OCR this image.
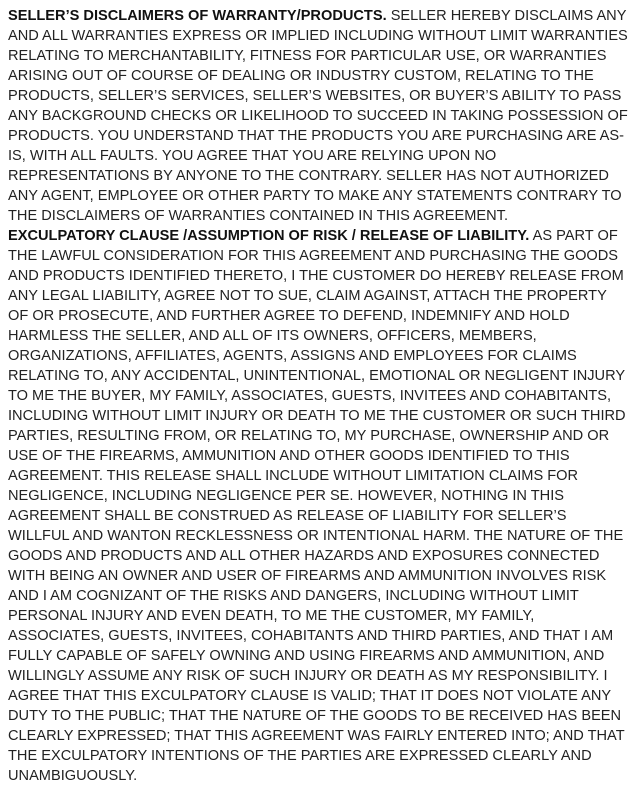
SELLER’S DISCLAIMERS OF WARRANTY/PRODUCTS. SELLER HEREBY DISCLAIMS ANY AND ALL WARRANTIES EXPRESS OR IMPLIED INCLUDING WITHOUT LIMIT WARRANTIES RELATING TO MERCHANTABILITY, FITNESS FOR PARTICULAR USE, OR WARRANTIES ARISING OUT OF COURSE OF DEALING OR INDUSTRY CUSTOM, RELATING TO THE PRODUCTS, SELLER’S SERVICES, SELLER’S WEBSITES, OR BUYER’S ABILITY TO PASS ANY BACKGROUND CHECKS OR LIKELIHOOD TO SUCCEED IN TAKING POSSESSION OF PRODUCTS. YOU UNDERSTAND THAT THE PRODUCTS YOU ARE PURCHASING ARE AS-IS, WITH ALL FAULTS. YOU AGREE THAT YOU ARE RELYING UPON NO REPRESENTATIONS BY ANYONE TO THE CONTRARY. SELLER HAS NOT AUTHORIZED ANY AGENT, EMPLOYEE OR OTHER PARTY TO MAKE ANY STATEMENTS CONTRARY TO THE DISCLAIMERS OF WARRANTIES CONTAINED IN THIS AGREEMENT.

EXCULPATORY CLAUSE /ASSUMPTION OF RISK / RELEASE OF LIABILITY. AS PART OF THE LAWFUL CONSIDERATION FOR THIS AGREEMENT AND PURCHASING THE GOODS AND PRODUCTS IDENTIFIED THERETO, I THE CUSTOMER DO HEREBY RELEASE FROM ANY LEGAL LIABILITY, AGREE NOT TO SUE, CLAIM AGAINST, ATTACH THE PROPERTY OF OR PROSECUTE, AND FURTHER AGREE TO DEFEND, INDEMNIFY AND HOLD HARMLESS THE SELLER, AND ALL OF ITS OWNERS, OFFICERS, MEMBERS, ORGANIZATIONS, AFFILIATES, AGENTS, ASSIGNS AND EMPLOYEES FOR CLAIMS RELATING TO, ANY ACCIDENTAL, UNINTENTIONAL, EMOTIONAL OR NEGLIGENT INJURY TO ME THE BUYER, MY FAMILY, ASSOCIATES, GUESTS, INVITEES AND COHABITANTS, INCLUDING WITHOUT LIMIT INJURY OR DEATH TO ME THE CUSTOMER OR SUCH THIRD PARTIES, RESULTING FROM, OR RELATING TO, MY PURCHASE, OWNERSHIP AND OR USE OF THE FIREARMS, AMMUNITION AND OTHER GOODS IDENTIFIED TO THIS AGREEMENT. THIS RELEASE SHALL INCLUDE WITHOUT LIMITATION CLAIMS FOR NEGLIGENCE, INCLUDING NEGLIGENCE PER SE. HOWEVER, NOTHING IN THIS AGREEMENT SHALL BE CONSTRUED AS RELEASE OF LIABILITY FOR SELLER’S WILLFUL AND WANTON RECKLESSNESS OR INTENTIONAL HARM. THE NATURE OF THE GOODS AND PRODUCTS AND ALL OTHER HAZARDS AND EXPOSURES CONNECTED WITH BEING AN OWNER AND USER OF FIREARMS AND AMMUNITION INVOLVES RISK AND I AM COGNIZANT OF THE RISKS AND DANGERS, INCLUDING WITHOUT LIMIT PERSONAL INJURY AND EVEN DEATH, TO ME THE CUSTOMER, MY FAMILY, ASSOCIATES, GUESTS, INVITEES, COHABITANTS AND THIRD PARTIES, AND THAT I AM FULLY CAPABLE OF SAFELY OWNING AND USING FIREARMS AND AMMUNITION, AND WILLINGLY ASSUME ANY RISK OF SUCH INJURY OR DEATH AS MY RESPONSIBILITY. I AGREE THAT THIS EXCULPATORY CLAUSE IS VALID; THAT IT DOES NOT VIOLATE ANY DUTY TO THE PUBLIC; THAT THE NATURE OF THE GOODS TO BE RECEIVED HAS BEEN CLEARLY EXPRESSED; THAT THIS AGREEMENT WAS FAIRLY ENTERED INTO; AND THAT THE EXCULPATORY INTENTIONS OF THE PARTIES ARE EXPRESSED CLEARLY AND UNAMBIGUOUSLY.
